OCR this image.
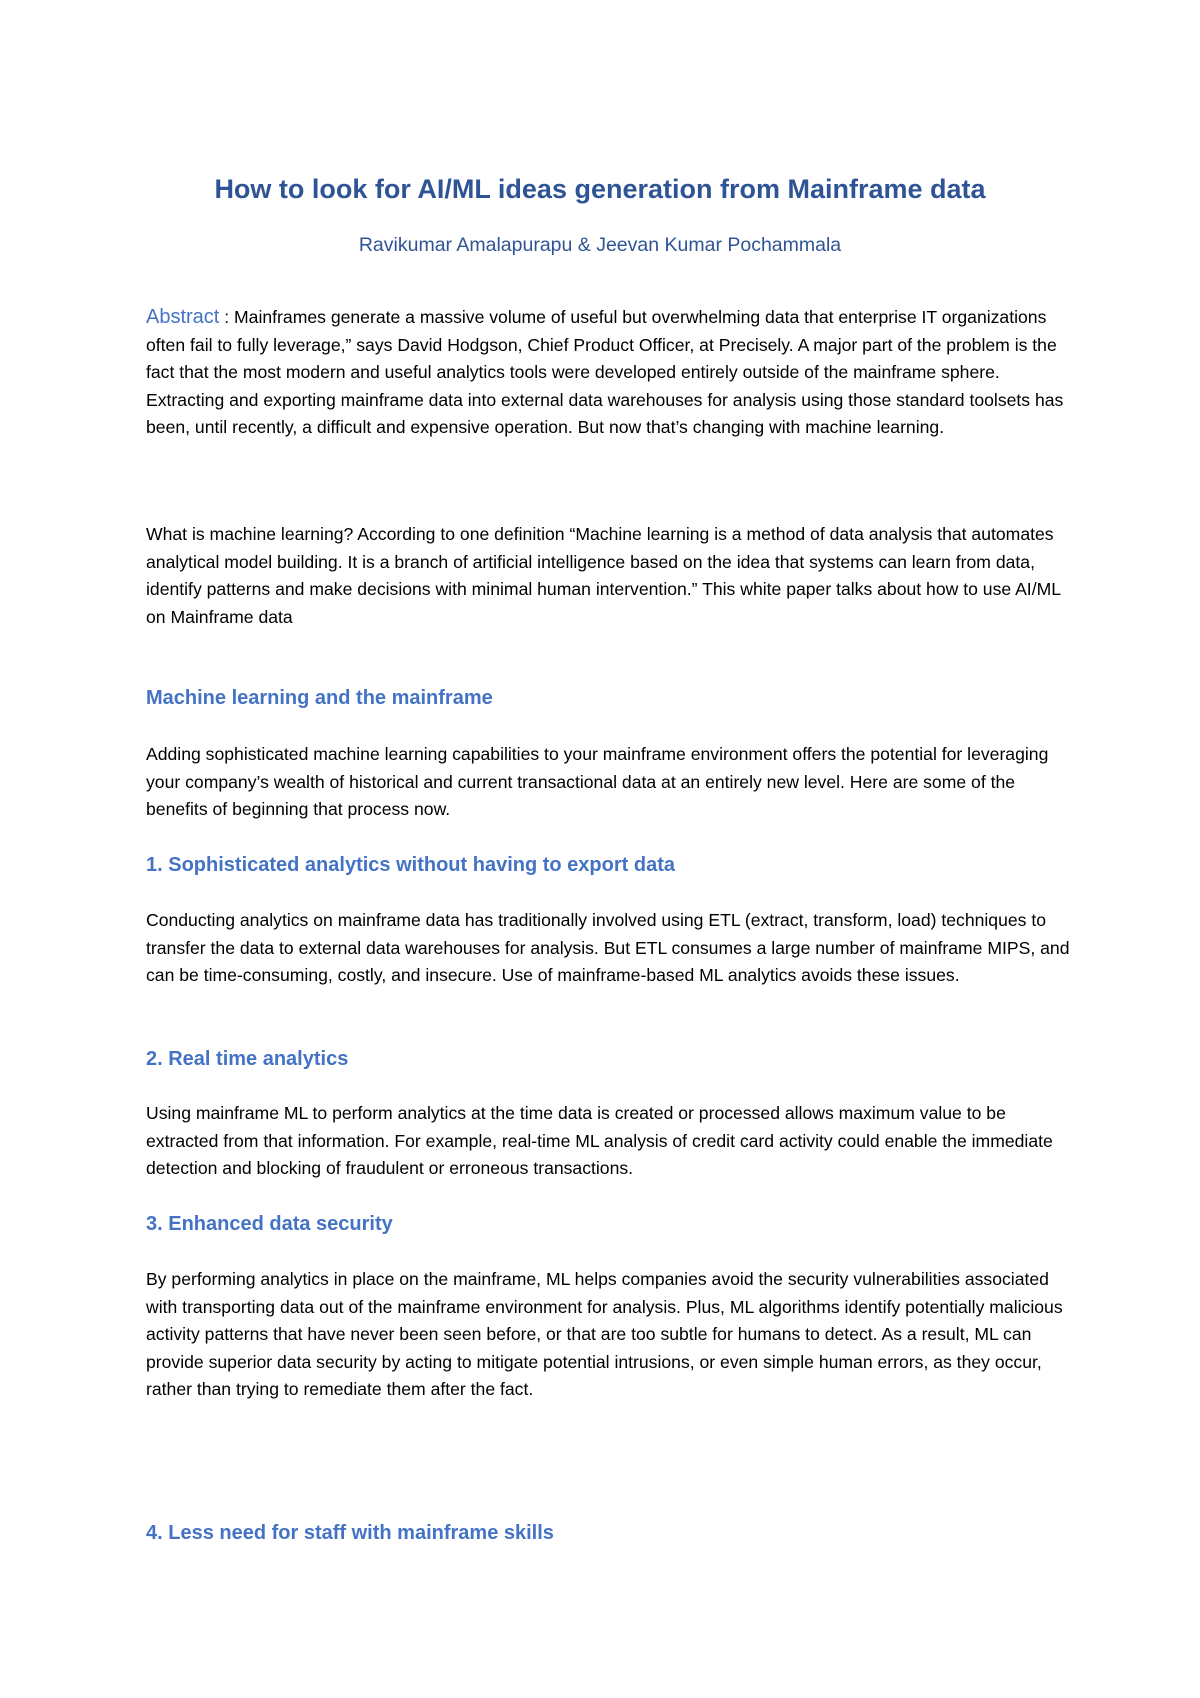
How to look for AI/ML ideas generation from Mainframe data

Ravikumar Amalapurapu & Jeevan Kumar Pochammala

Abstract : Mainframes generate a massive volume of useful but overwhelming data that enterprise IT organizations often fail to fully leverage,” says David Hodgson, Chief Product Officer, at Precisely. A major part of the problem is the fact that the most modern and useful analytics tools were developed entirely outside of the mainframe sphere. Extracting and exporting mainframe data into external data warehouses for analysis using those standard toolsets has been, until recently, a difficult and expensive operation. But now that’s changing with machine learning.

What is machine learning? According to one definition “Machine learning is a method of data analysis that automates analytical model building. It is a branch of artificial intelligence based on the idea that systems can learn from data, identify patterns and make decisions with minimal human intervention.” This white paper talks about how to use AI/ML on Mainframe data

Machine learning and the mainframe

Adding sophisticated machine learning capabilities to your mainframe environment offers the potential for leveraging your company’s wealth of historical and current transactional data at an entirely new level. Here are some of the benefits of beginning that process now.

1. Sophisticated analytics without having to export data

Conducting analytics on mainframe data has traditionally involved using ETL (extract, transform, load) techniques to transfer the data to external data warehouses for analysis. But ETL consumes a large number of mainframe MIPS, and can be time-consuming, costly, and insecure. Use of mainframe-based ML analytics avoids these issues.

2. Real time analytics

Using mainframe ML to perform analytics at the time data is created or processed allows maximum value to be extracted from that information. For example, real-time ML analysis of credit card activity could enable the immediate detection and blocking of fraudulent or erroneous transactions.

3. Enhanced data security

By performing analytics in place on the mainframe, ML helps companies avoid the security vulnerabilities associated with transporting data out of the mainframe environment for analysis. Plus, ML algorithms identify potentially malicious activity patterns that have never been seen before, or that are too subtle for humans to detect. As a result, ML can provide superior data security by acting to mitigate potential intrusions, or even simple human errors, as they occur, rather than trying to remediate them after the fact.

4. Less need for staff with mainframe skills
